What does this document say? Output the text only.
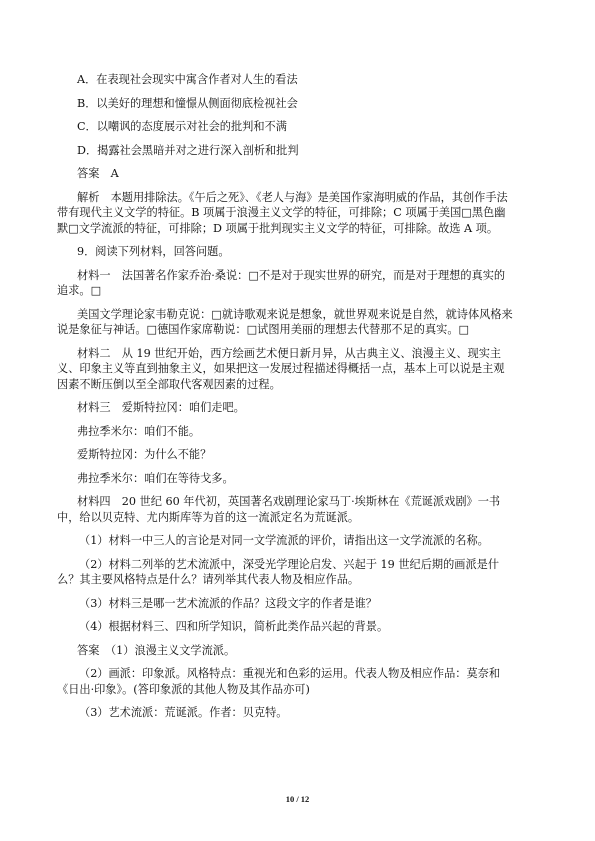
A．在表现社会现实中寓含作者对人生的看法
B．以美好的理想和憧憬从侧面彻底检视社会
C．以嘲讽的态度展示对社会的批判和不满
D．揭露社会黑暗并对之进行深入剖析和批判
答案　A
解析　本题用排除法。《午后之死》、《老人与海》是美国作家海明威的作品，其创作手法
带有现代主义文学的特征。B 项属于浪漫主义文学的特征，可排除；C 项属于美国□黑色幽
默□文学流派的特征，可排除；D 项属于批判现实主义文学的特征，可排除。故选 A 项。
9．阅读下列材料，回答问题。
材料一　法国著名作家乔治·桑说：□不是对于现实世界的研究，而是对于理想的真实的
追求。□
美国文学理论家韦勒克说：□就诗歌观来说是想象，就世界观来说是自然，就诗体风格来
说是象征与神话。□德国作家席勒说：□试图用美丽的理想去代替那不足的真实。□
材料二　从 19 世纪开始，西方绘画艺术便日新月异，从古典主义、浪漫主义、现实主
义、印象主义等直到抽象主义，如果把这一发展过程描述得概括一点，基本上可以说是主观
因素不断压倒以至全部取代客观因素的过程。
材料三　爱斯特拉冈：咱们走吧。
弗拉季米尔：咱们不能。
爱斯特拉冈：为什么不能？
弗拉季米尔：咱们在等待戈多。
材料四　20 世纪 60 年代初，英国著名戏剧理论家马丁·埃斯林在《荒诞派戏剧》一书
中，给以贝克特、尤内斯库等为首的这一流派定名为荒诞派。
（1）材料一中三人的言论是对同一文学流派的评价，请指出这一文学流派的名称。
（2）材料二列举的艺术流派中，深受光学理论启发、兴起于 19 世纪后期的画派是什
么？其主要风格特点是什么？请列举其代表人物及相应作品。
（3）材料三是哪一艺术流派的作品？这段文字的作者是谁？
（4）根据材料三、四和所学知识，简析此类作品兴起的背景。
答案　（1）浪漫主义文学流派。
（2）画派：印象派。风格特点：重视光和色彩的运用。代表人物及相应作品：莫奈和
《日出·印象》。(答印象派的其他人物及其作品亦可)
（3）艺术流派：荒诞派。作者：贝克特。
10 / 12
